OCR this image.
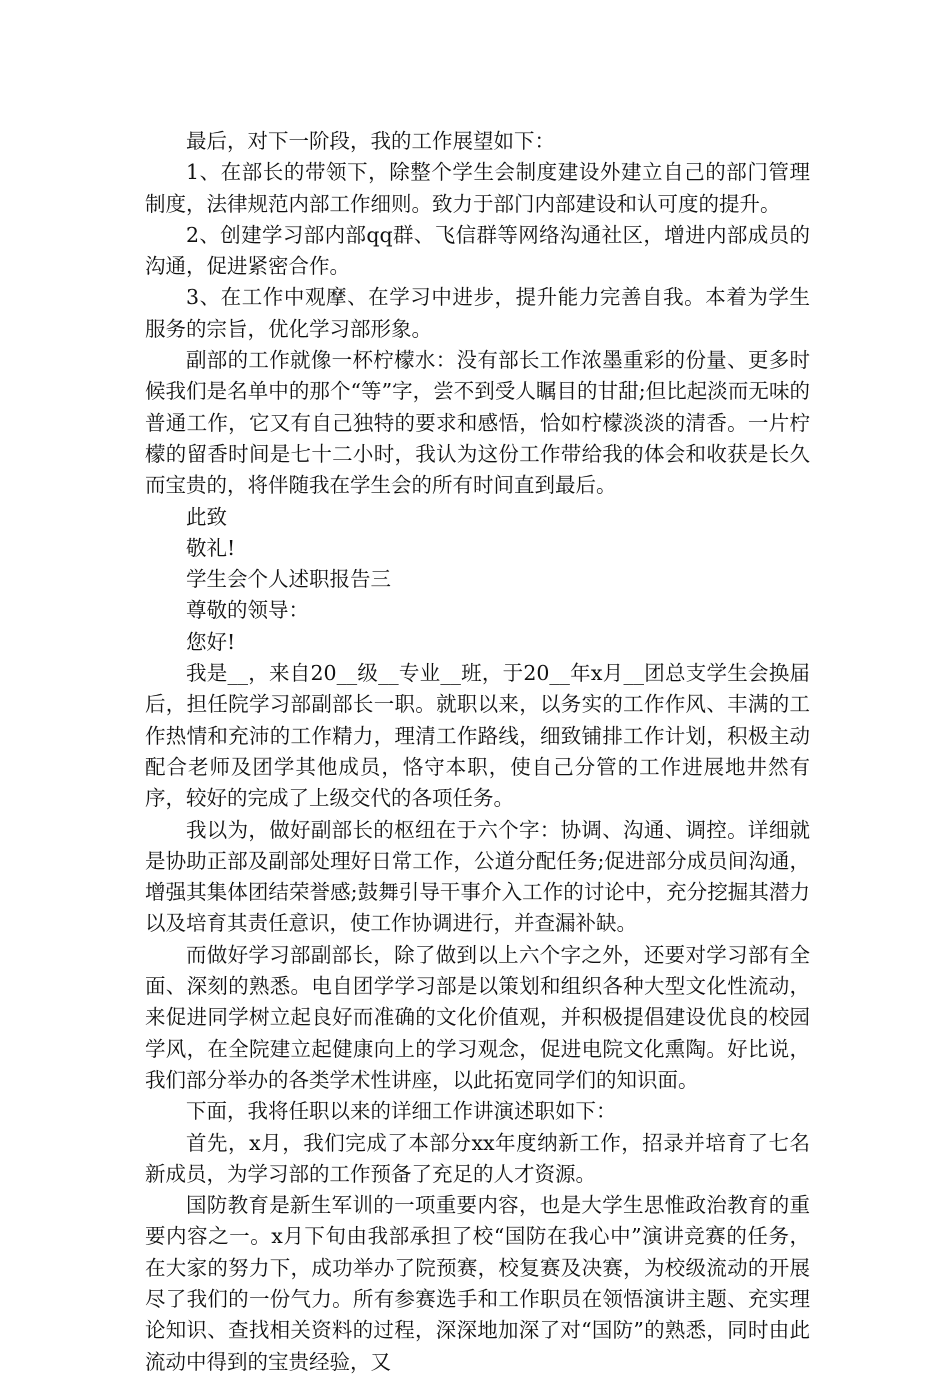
最后，对下一阶段，我的工作展望如下：

1、在部长的带领下，除整个学生会制度建设外建立自己的部门管理制度，法律规范内部工作细则。致力于部门内部建设和认可度的提升。

2、创建学习部内部qq群、飞信群等网络沟通社区，增进内部成员的沟通，促进紧密合作。

3、在工作中观摩、在学习中进步，提升能力完善自我。本着为学生服务的宗旨，优化学习部形象。

副部的工作就像一杯柠檬水：没有部长工作浓墨重彩的份量、更多时候我们是名单中的那个“等”字，尝不到受人瞩目的甘甜;但比起淡而无味的普通工作，它又有自己独特的要求和感悟，恰如柠檬淡淡的清香。一片柠檬的留香时间是七十二小时，我认为这份工作带给我的体会和收获是长久而宝贵的，将伴随我在学生会的所有时间直到最后。

此致

敬礼!

学生会个人述职报告三

尊敬的领导：

您好!

我是__，来自20__级__专业__班，于20__年x月__团总支学生会换届后，担任院学习部副部长一职。就职以来，以务实的工作作风、丰满的工作热情和充沛的工作精力，理清工作路线，细致铺排工作计划，积极主动配合老师及团学其他成员，恪守本职，使自己分管的工作进展地井然有序，较好的完成了上级交代的各项任务。

我以为，做好副部长的枢纽在于六个字：协调、沟通、调控。详细就是协助正部及副部处理好日常工作，公道分配任务;促进部分成员间沟通，增强其集体团结荣誉感;鼓舞引导干事介入工作的讨论中，充分挖掘其潜力以及培育其责任意识，使工作协调进行，并查漏补缺。

而做好学习部副部长，除了做到以上六个字之外，还要对学习部有全面、深刻的熟悉。电自团学学习部是以策划和组织各种大型文化性流动，来促进同学树立起良好而准确的文化价值观，并积极提倡建设优良的校园学风，在全院建立起健康向上的学习观念，促进电院文化熏陶。好比说，我们部分举办的各类学术性讲座，以此拓宽同学们的知识面。

下面，我将任职以来的详细工作讲演述职如下：

首先，x月，我们完成了本部分xx年度纳新工作，招录并培育了七名新成员，为学习部的工作预备了充足的人才资源。

国防教育是新生军训的一项重要内容，也是大学生思惟政治教育的重要内容之一。x月下旬由我部承担了校“国防在我心中”演讲竞赛的任务，在大家的努力下，成功举办了院预赛，校复赛及决赛，为校级流动的开展尽了我们的一份气力。所有参赛选手和工作职员在领悟演讲主题、充实理论知识、查找相关资料的过程，深深地加深了对“国防”的熟悉，同时由此流动中得到的宝贵经验，又
